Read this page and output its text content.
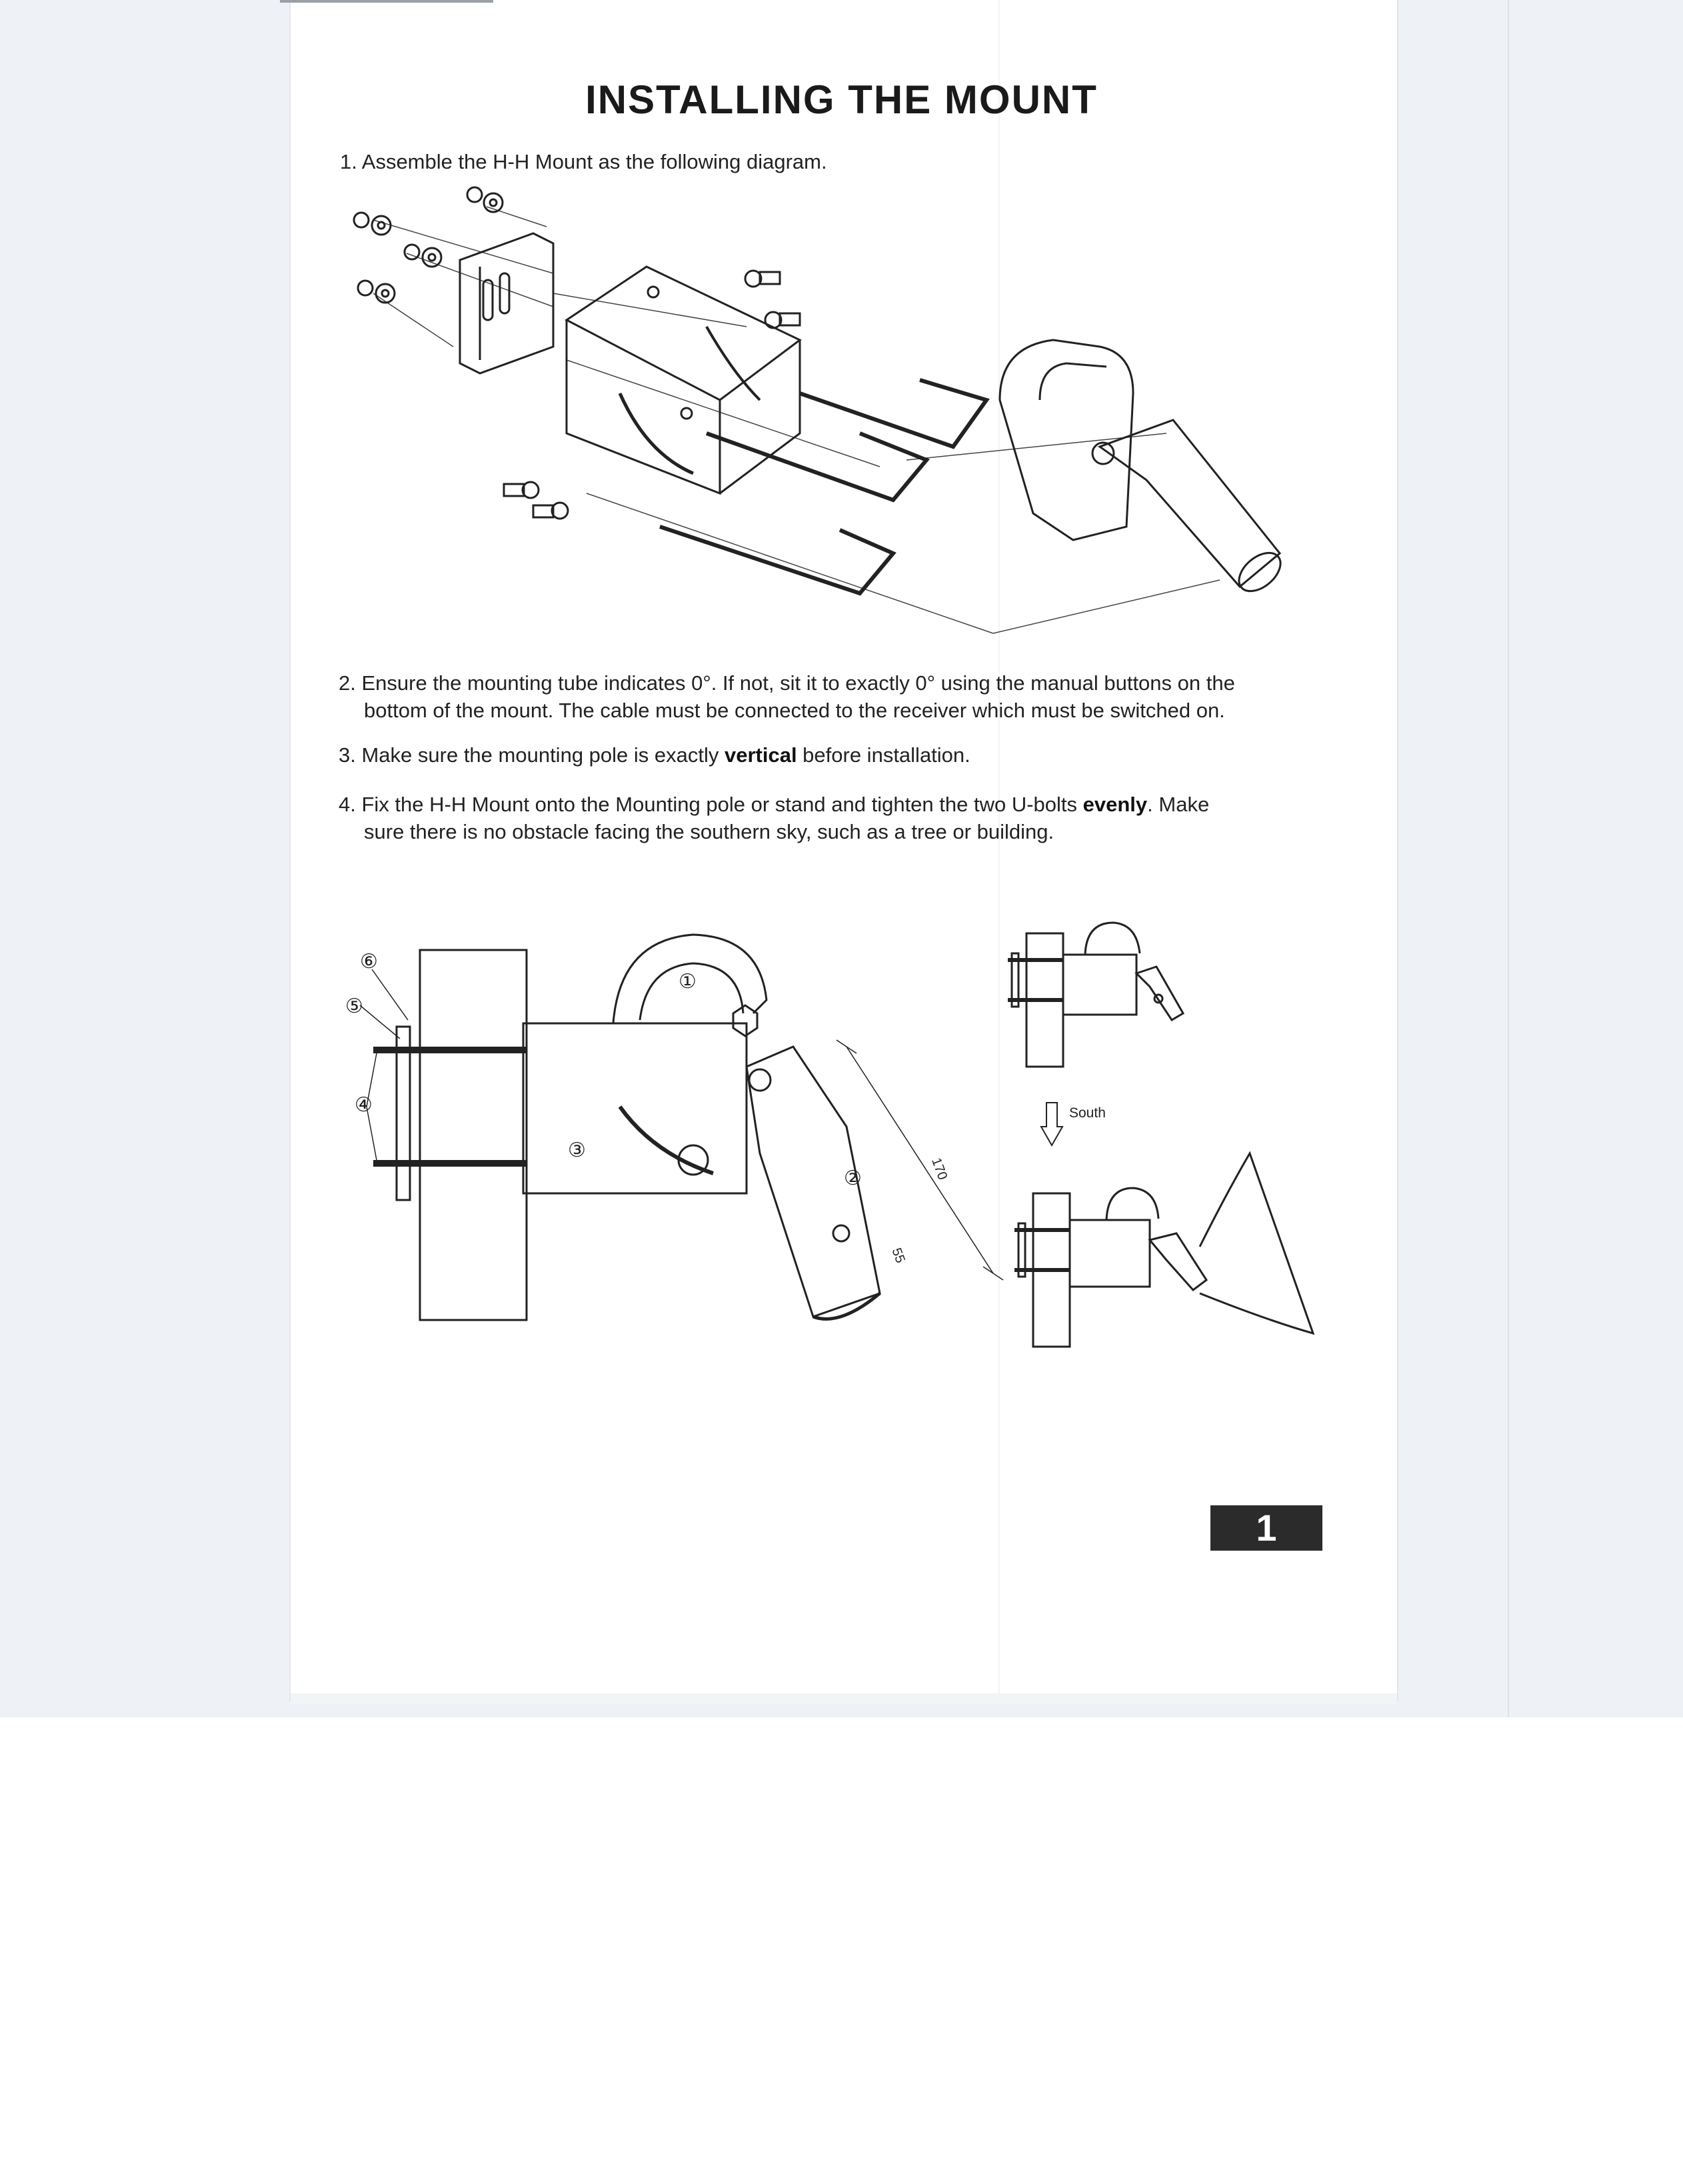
INSTALLING THE MOUNT

1. Assemble the H-H Mount as the following diagram.

2. Ensure the mounting tube indicates 0°. If not, sit it to exactly 0° using the manual buttons on the
bottom of the mount. The cable must be connected to the receiver which must be switched on.

3. Make sure the mounting pole is exactly vertical before installation.

4. Fix the H-H Mount onto the Mounting pole or stand and tighten the two U-bolts evenly. Make
sure there is no obstacle facing the southern sky, such as a tree or building.

South
①
③
②
⑥
⑤
④
170
55
1
